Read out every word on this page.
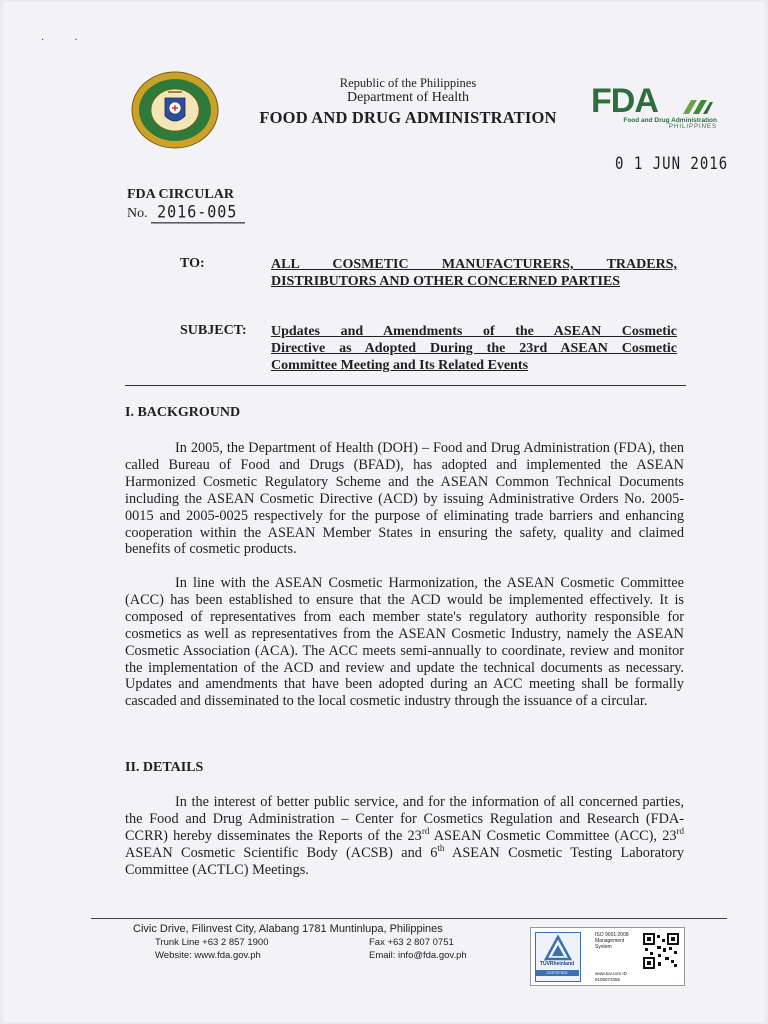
·            ·
Republic of the Philippines
Department of Health
FOOD AND DRUG ADMINISTRATION	FDA
Food and Drug Administration
PHILIPPINES
0 1 JUN 2016
FDA CIRCULAR
No. 2016-005
TO:	ALL COSMETIC MANUFACTURERS, TRADERS,
DISTRIBUTORS AND OTHER CONCERNED PARTIES
SUBJECT: Updates and Amendments of the ASEAN Cosmetic
Directive as Adopted During the 23rd ASEAN Cosmetic
Committee Meeting and Its Related Events
I. BACKGROUND

In 2005, the Department of Health (DOH) – Food and Drug Administration (FDA), then called Bureau of Food and Drugs (BFAD), has adopted and implemented the ASEAN Harmonized Cosmetic Regulatory Scheme and the ASEAN Common Technical Documents including the ASEAN Cosmetic Directive (ACD) by issuing Administrative Orders No. 2005-0015 and 2005-0025 respectively for the purpose of eliminating trade barriers and enhancing cooperation within the ASEAN Member States in ensuring the safety, quality and claimed benefits of cosmetic products.

In line with the ASEAN Cosmetic Harmonization, the ASEAN Cosmetic Committee (ACC) has been established to ensure that the ACD would be implemented effectively. It is composed of representatives from each member state's regulatory authority responsible for cosmetics as well as representatives from the ASEAN Cosmetic Industry, namely the ASEAN Cosmetic Association (ACA). The ACC meets semi-annually to coordinate, review and monitor the implementation of the ACD and review and update the technical documents as necessary. Updates and amendments that have been adopted during an ACC meeting shall be formally cascaded and disseminated to the local cosmetic industry through the issuance of a circular.

II. DETAILS

In the interest of better public service, and for the information of all concerned parties, the Food and Drug Administration – Center for Cosmetics Regulation and Research (FDA-CCRR) hereby disseminates the Reports of the 23rd ASEAN Cosmetic Committee (ACC), 23rd ASEAN Cosmetic Scientific Body (ACSB) and 6th ASEAN Cosmetic Testing Laboratory Committee (ACTLC) Meetings.

Civic Drive, Filinvest City, Alabang 1781 Muntinlupa, Philippines
Trunk Line +63 2 857 1900	Fax +63 2 807 0751
Website: www.fda.gov.ph	Email: info@fda.gov.ph
TÜVRheinland
CERTIFIED
ISO 9001:2008 Management System
www.tuv.com ID 9105073356
